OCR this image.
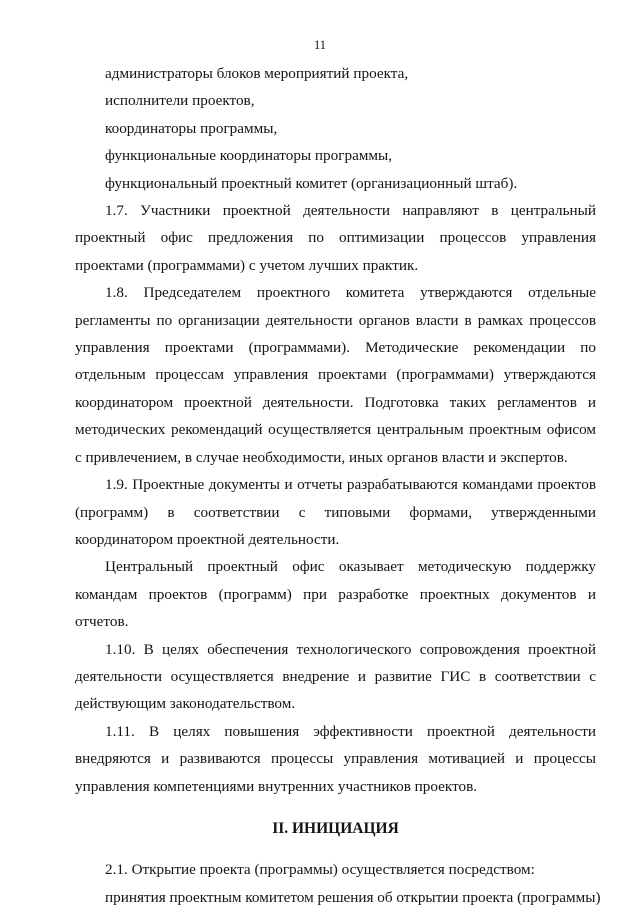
11

администраторы блоков мероприятий проекта,

исполнители проектов,

координаторы программы,

функциональные координаторы программы,

функциональный проектный комитет (организационный штаб).

1.7. Участники проектной деятельности направляют в центральный проектный офис предложения по оптимизации процессов управления проектами (программами) с учетом лучших практик.

1.8. Председателем проектного комитета утверждаются отдельные регламенты по организации деятельности органов власти в рамках процессов управления проектами (программами). Методические рекомендации по отдельным процессам управления проектами (программами) утверждаются координатором проектной деятельности. Подготовка таких регламентов и методических рекомендаций осуществляется центральным проектным офисом с привлечением, в случае необходимости, иных органов власти и экспертов.

1.9. Проектные документы и отчеты разрабатываются командами проектов (программ) в соответствии с типовыми формами, утвержденными координатором проектной деятельности.

Центральный проектный офис оказывает методическую поддержку командам проектов (программ) при разработке проектных документов и отчетов.

1.10. В целях обеспечения технологического сопровождения проектной деятельности осуществляется внедрение и развитие ГИС в соответствии с действующим законодательством.

1.11. В целях повышения эффективности проектной деятельности внедряются и развиваются процессы управления мотивацией и процессы управления компетенциями внутренних участников проектов.

II. ИНИЦИАЦИЯ

2.1. Открытие проекта (программы) осуществляется посредством:

принятия проектным комитетом решения об открытии проекта (программы)
